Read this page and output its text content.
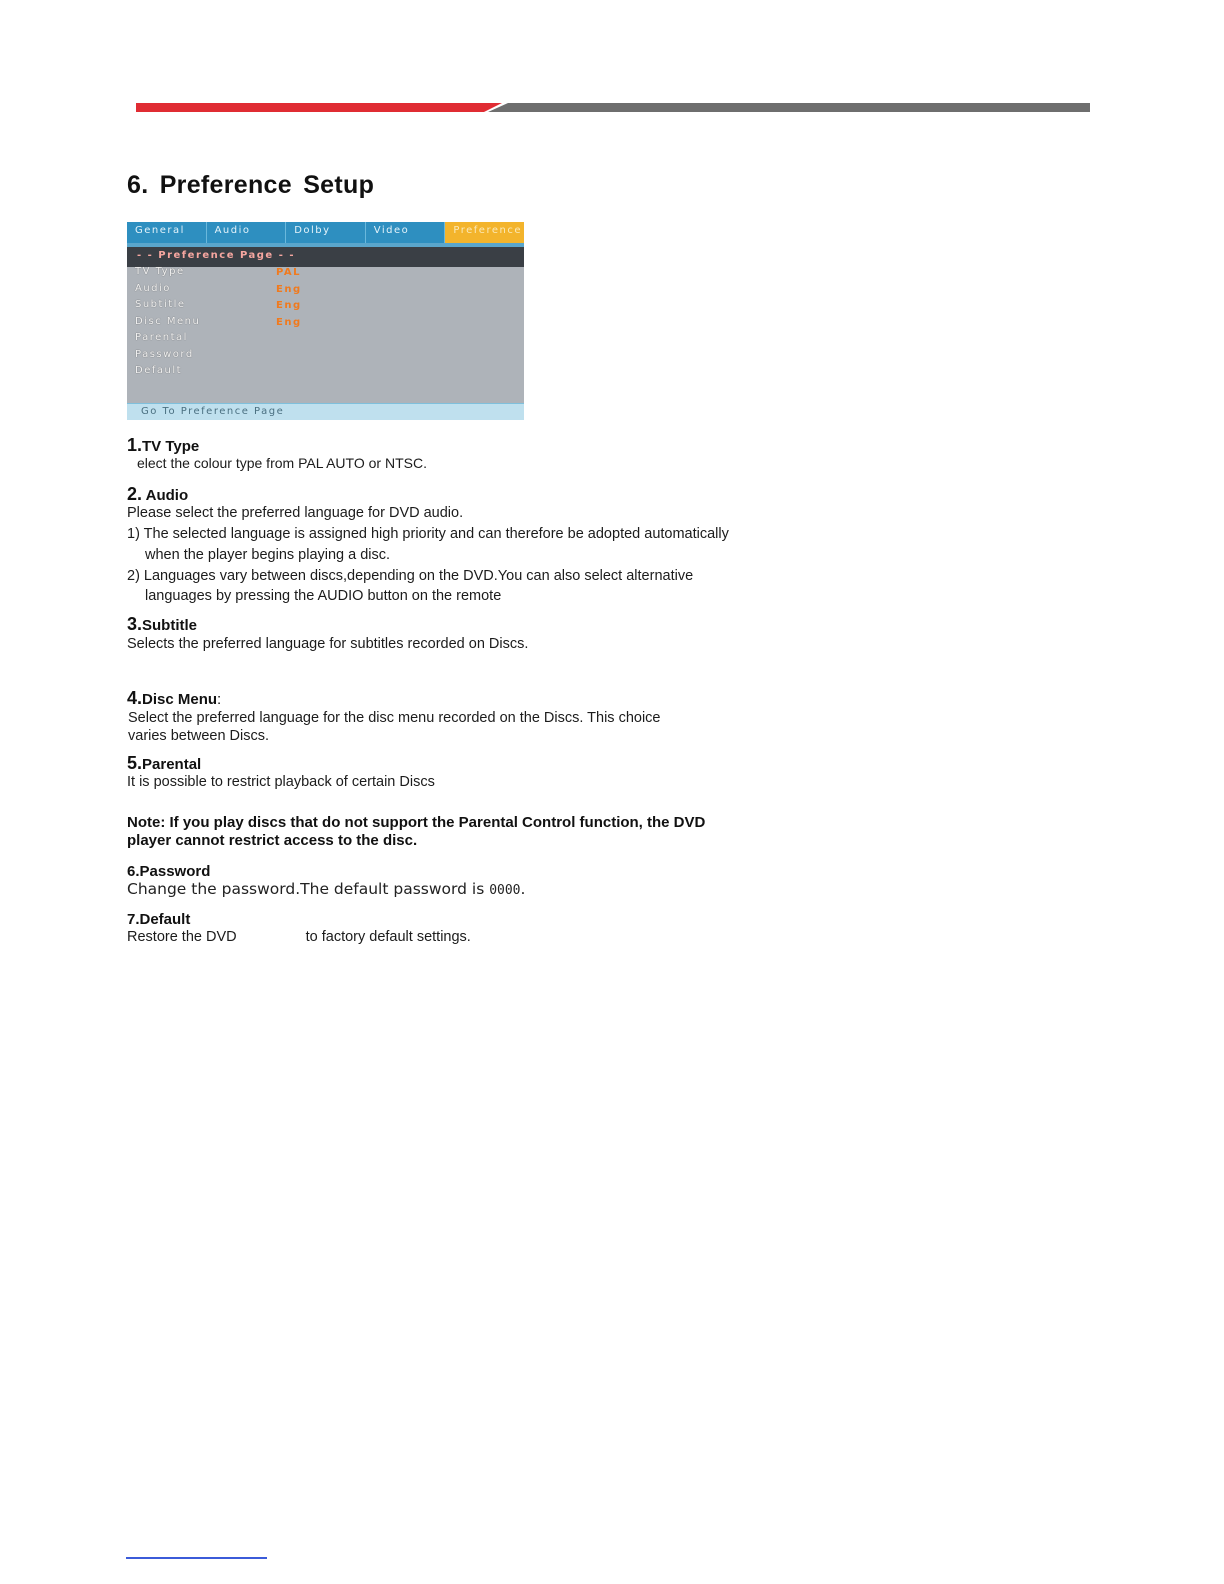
6. Preference Setup
General	Audio	Dolby	Video	Preference
- - Preference Page - -
TV Type	PAL
Audio	Eng
Subtitle	Eng
Disc Menu	Eng
Parental
Password
Default
Go To Preference Page
1.TV Type

elect the colour type from PAL AUTO or NTSC.

2. Audio

Please select the preferred language for DVD audio.

1) The selected language is assigned high priority and can therefore be adopted automatically

when the player begins playing a disc.

2) Languages vary between discs,depending on the DVD.You can also select alternative

languages by pressing the AUDIO button on the remote

3.Subtitle

Selects the preferred language for subtitles recorded on Discs.

4.Disc Menu:

Select the preferred language for the disc menu recorded on the Discs. This choice

varies between Discs.

5.Parental

It is possible to restrict playback of certain Discs

Note: If you play discs that do not support the Parental Control function, the DVD

player cannot restrict access to the disc.

6.Password

Change the password.The default password is 0000.

7.Default

Restore the DVD	to factory default settings.
